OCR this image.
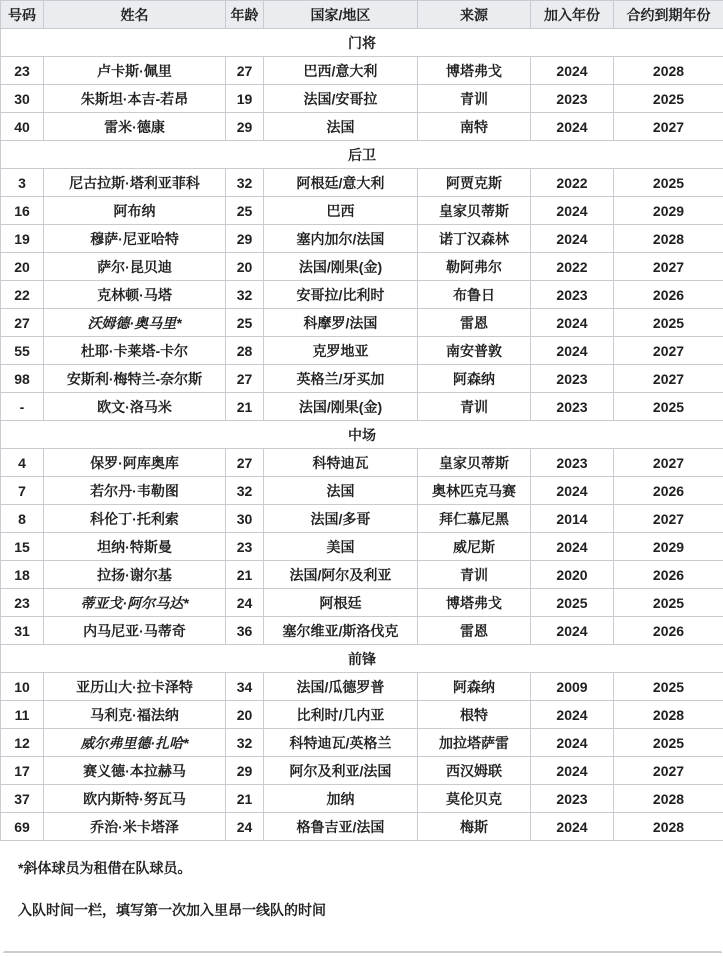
号码	姓名	年龄	国家/地区	来源	加入年份	合约到期年份
门将						
23	卢卡斯·佩里	27	巴西/意大利	博塔弗戈	2024	2028
30	朱斯坦·本吉-若昂	19	法国/安哥拉	青训	2023	2025
40	雷米·德康	29	法国	南特	2024	2027
后卫						
3	尼古拉斯·塔利亚菲科	32	阿根廷/意大利	阿贾克斯	2022	2025
16	阿布纳	25	巴西	皇家贝蒂斯	2024	2029
19	穆萨·尼亚哈特	29	塞内加尔/法国	诺丁汉森林	2024	2028
20	萨尔·昆贝迪	20	法国/刚果(金)	勒阿弗尔	2022	2027
22	克林顿·马塔	32	安哥拉/比利时	布鲁日	2023	2026
27	沃姆德·奥马里*	25	科摩罗/法国	雷恩	2024	2025
55	杜耶·卡莱塔-卡尔	28	克罗地亚	南安普敦	2024	2027
98	安斯利·梅特兰-奈尔斯	27	英格兰/牙买加	阿森纳	2023	2027
-	欧文·洛马米	21	法国/刚果(金)	青训	2023	2025
中场						
4	保罗·阿库奥库	27	科特迪瓦	皇家贝蒂斯	2023	2027
7	若尔丹·韦勒图	32	法国	奥林匹克马赛	2024	2026
8	科伦丁·托利索	30	法国/多哥	拜仁慕尼黑	2014	2027
15	坦纳·特斯曼	23	美国	威尼斯	2024	2029
18	拉扬·谢尔基	21	法国/阿尔及利亚	青训	2020	2026
23	蒂亚戈·阿尔马达*	24	阿根廷	博塔弗戈	2025	2025
31	内马尼亚·马蒂奇	36	塞尔维亚/斯洛伐克	雷恩	2024	2026
前锋						
10	亚历山大·拉卡泽特	34	法国/瓜德罗普	阿森纳	2009	2025
11	马利克·福法纳	20	比利时/几内亚	根特	2024	2028
12	威尔弗里德·扎哈*	32	科特迪瓦/英格兰	加拉塔萨雷	2024	2025
17	赛义德·本拉赫马	29	阿尔及利亚/法国	西汉姆联	2024	2027
37	欧内斯特·努瓦马	21	加纳	莫伦贝克	2023	2028
69	乔治·米卡塔泽	24	格鲁吉亚/法国	梅斯	2024	2028

*斜体球员为租借在队球员。

入队时间一栏，填写第一次加入里昂一线队的时间
